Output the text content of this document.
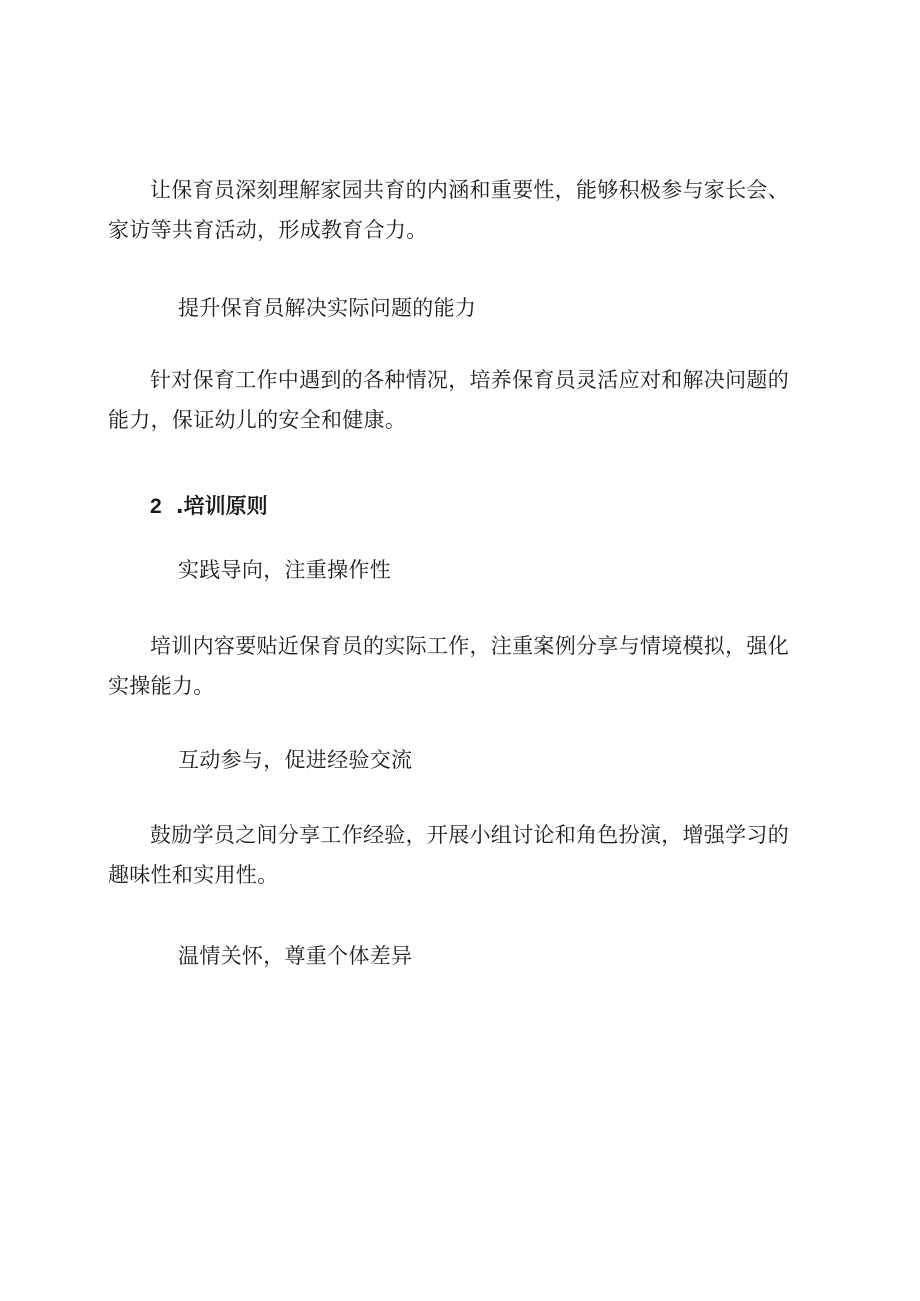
让保育员深刻理解家园共育的内涵和重要性，能够积极参与家长会、家访等共育活动，形成教育合力。

提升保育员解决实际问题的能力

针对保育工作中遇到的各种情况，培养保育员灵活应对和解决问题的能力，保证幼儿的安全和健康。

2 .培训原则

实践导向，注重操作性

培训内容要贴近保育员的实际工作，注重案例分享与情境模拟，强化实操能力。

互动参与，促进经验交流

鼓励学员之间分享工作经验，开展小组讨论和角色扮演，增强学习的趣味性和实用性。

温情关怀，尊重个体差异
